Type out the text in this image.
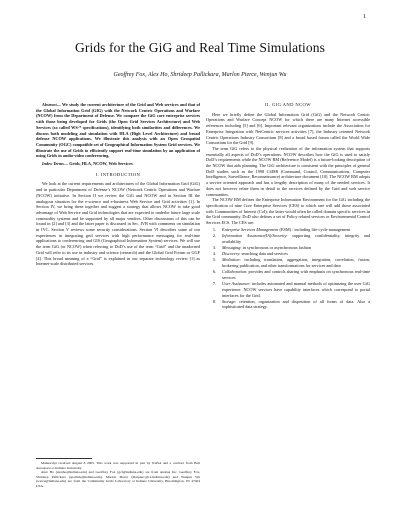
1
Grids for the GiG and Real Time Simulations
Geoffrey Fox, Alex Ho, Shrideep Pallickara, Marlon Pierce, Wenjun Wu

Abstract— We study the current architecture of the Grid and Web services and that of the Global Information Grid (GIG) with the Network Centric Operations and Warfare (NCOW) from the Department of Defense. We compare the GiG core enterprise services with those being developed for Grids (the Open Grid Services Architecture) and Web Services (so called WS-* specifications), identifying both similarities and differences. We discuss both modeling and simulation with HLA (High Level Architecture) and broad defense NCOW applications. We illustrate this analysis with an Open Geospatial Community (OGC) compatible set of Geographical Information System Grid services. We illustrate the use of Grids to efficiently support real-time simulation by an application of using Grids in audio-video conferencing.

Index Terms— Grids, HLA, NCOW, Web Services

I. INTRODUCTION

We look at the current requirements and architectures of the Global Information Grid (GiG) and in particular Department of Defense’s NCOW (Network Centric Operations and Warfare (NCOW) initiative. In Section II we review the GiG and NCOW and in Section III the analogous situation for the e-science and e-business Web Service and Grid activities [1]. In Section IV, we bring these together and suggest a strategy that allows NCOW to take good advantage of Web Service and Grid technologies that are expected to underlie future large scale commodity systems and be supported by all major vendors. Other discussions of this can be found in [2] and [3] and the latter paper is discussed in Sec. IVB with comments on simulation in IVC. Section V reviews some security considerations. Section VI describes some of our experiences in integrating grid services with high performance messaging for real-time applications to conferencing and GIS (Geographical Information System) services. We will use the term GiG (or NCOW) when referring to DoD’s use of the term “Grid” and the unadorned Grid will refer to its use in industry and science (research) and the Global Grid Forum or GGF [4]. This broad meaning of a “Grid” is explained in our separate technology review [1] as Internet-scale distributed services.

Manuscript received August 8 2005. This work was supported in part by NASA and a contract from Ball Aerospace to Indiana University.

Alex Ho (alexho@indiana.edu) and Geoffrey Fox (gcf@indiana.edu) are from Anabas Inc. Geoffrey Fox, Shrideep Pallickara (spallick@indiana.edu), Marlon Pierce (marpierc@cs.indiana.edu) and Wenjun Wu (wewu@indiana.edu) are from the Community Grids Laboratory at Indiana University, Bloomington, IN 47404 USA.

II. GIG AND NCOW

Here we briefly define the Global Information Grid (GiG) and the Network Centric Operations and Warfare Concept NCOW for which there are many Internet accessible references including [5] and [6]. Important relevant organizations include the Association for Enterprise Integration with NetCentric services activities [7], the Industry oriented Network Centric Operations Industry Consortium [8] and a broad based forum called the World Wide Consortium for the Grid [9].

The term GiG refers to the physical realization of the information system that supports essentially all aspects of DoD’s operations. NCOW describes how the GiG is used to satisfy DoD’s requirements while the NCOW RM (Reference Model) is a future-looking description of the NCOW that aids planning. The GiG architecture is consistent with the principles of general DoD studies such as the 1998 C4ISR (Command, Control, Communications, Computer Intelligence, Surveillance, Reconnaissance) architecture document [10]. The NCOW RM adopts a service oriented approach and has a lengthy description of many of the needed services. It does not however relate them in detail to the services defined by the Grid and web service communities.

The NCOW RM defines the Enterprise Information Environment for the GiG including the specification of nine Core Enterprise Services (CES) to which one will add those associated with Communities of Interest (CoI); the latter would often be called domain specific services in the Grid community. DoD also defines a set of Policy related services or Environmental Control Services ECS. The CES are:

1. Enterprise Services Management (ESM) : including life-cycle management
2. Information Assurance(IA)/Security: supporting confidentiality, integrity and availability
3. Messaging: in synchronous or asynchronous fashion
4. Discovery: searching data and services
5. Mediation: including translation, aggregation, integration, correlation, fusion, brokering publication, and other transformations for services and data
6. Collaboration: provides and controls sharing with emphasis on synchronous real-time services
7. User Assistance: includes automated and manual methods of optimizing the user GiG experience. NCOW services have capability interfaces which correspond to portal interfaces for the Grid.
8. Storage: retention, organization and disposition of all forms of data. Also a sophisticated data strategy.
